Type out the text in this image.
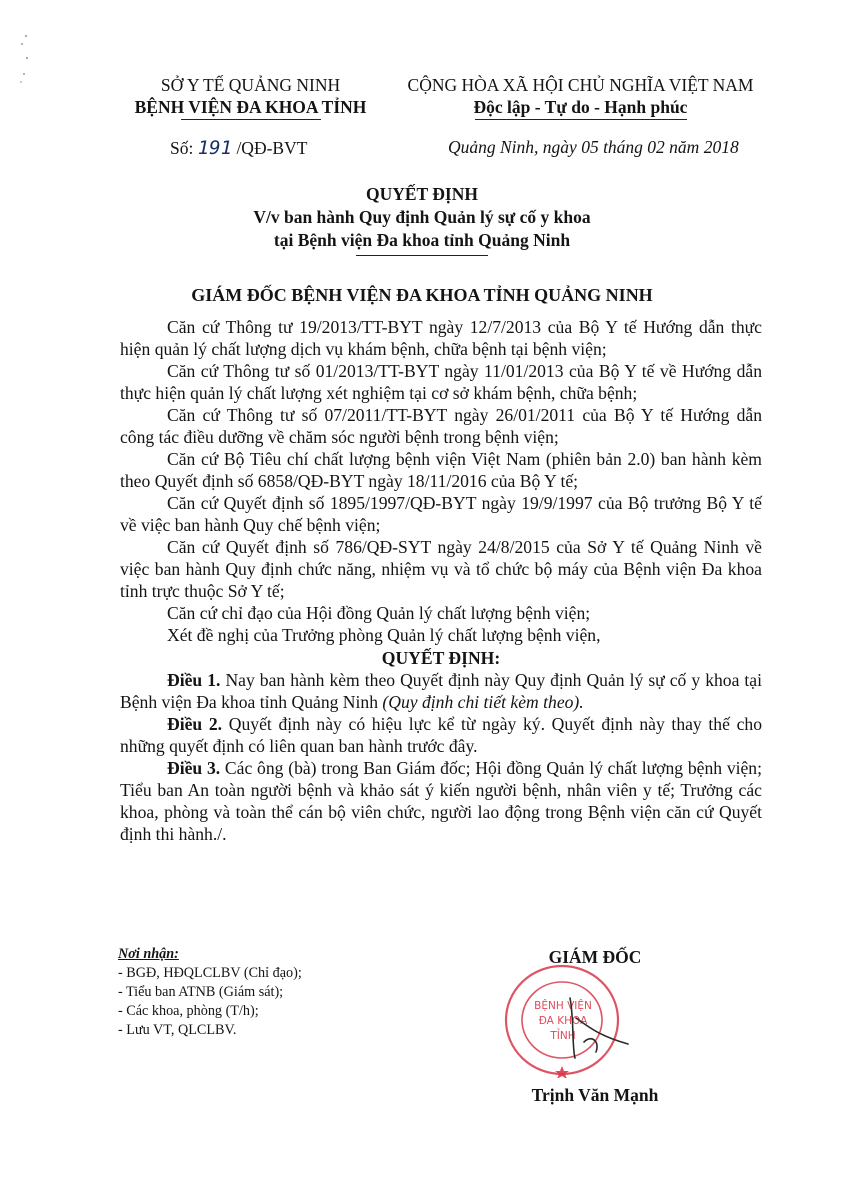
SỞ Y TẾ QUẢNG NINH
BỆNH VIỆN ĐA KHOA TỈNH
CỘNG HÒA XÃ HỘI CHỦ NGHĨA VIỆT NAM
Độc lập - Tự do - Hạnh phúc
Số: 191 /QĐ-BVT	Quảng Ninh, ngày 05 tháng 02 năm 2018
QUYẾT ĐỊNH
V/v ban hành Quy định Quản lý sự cố y khoa
tại Bệnh viện Đa khoa tỉnh Quảng Ninh
GIÁM ĐỐC BỆNH VIỆN ĐA KHOA TỈNH QUẢNG NINH

Căn cứ Thông tư 19/2013/TT-BYT ngày 12/7/2013 của Bộ Y tế Hướng dẫn thực hiện quản lý chất lượng dịch vụ khám bệnh, chữa bệnh tại bệnh viện;

Căn cứ Thông tư số 01/2013/TT-BYT ngày 11/01/2013 của Bộ Y tế về Hướng dẫn thực hiện quản lý chất lượng xét nghiệm tại cơ sở khám bệnh, chữa bệnh;

Căn cứ Thông tư số 07/2011/TT-BYT ngày 26/01/2011 của Bộ Y tế Hướng dẫn công tác điều dưỡng về chăm sóc người bệnh trong bệnh viện;

Căn cứ Bộ Tiêu chí chất lượng bệnh viện Việt Nam (phiên bản 2.0) ban hành kèm theo Quyết định số 6858/QĐ-BYT ngày 18/11/2016 của Bộ Y tế;

Căn cứ Quyết định số 1895/1997/QĐ-BYT ngày 19/9/1997 của Bộ trưởng Bộ Y tế về việc ban hành Quy chế bệnh viện;

Căn cứ Quyết định số 786/QĐ-SYT ngày 24/8/2015 của Sở Y tế Quảng Ninh về việc ban hành Quy định chức năng, nhiệm vụ và tổ chức bộ máy của Bệnh viện Đa khoa tỉnh trực thuộc Sở Y tế;

Căn cứ chỉ đạo của Hội đồng Quản lý chất lượng bệnh viện;

Xét đề nghị của Trưởng phòng Quản lý chất lượng bệnh viện,

QUYẾT ĐỊNH:

Điều 1. Nay ban hành kèm theo Quyết định này Quy định Quản lý sự cố y khoa tại Bệnh viện Đa khoa tỉnh Quảng Ninh (Quy định chi tiết kèm theo).

Điều 2. Quyết định này có hiệu lực kể từ ngày ký. Quyết định này thay thế cho những quyết định có liên quan ban hành trước đây.

Điều 3. Các ông (bà) trong Ban Giám đốc; Hội đồng Quản lý chất lượng bệnh viện; Tiểu ban An toàn người bệnh và khảo sát ý kiến người bệnh, nhân viên y tế; Trưởng các khoa, phòng và toàn thể cán bộ viên chức, người lao động trong Bệnh viện căn cứ Quyết định thi hành./.

Nơi nhận:
- BGĐ, HĐQLCLBV (Chỉ đạo);
- Tiểu ban ATNB (Giám sát);
- Các khoa, phòng (T/h);
- Lưu VT, QLCLBV.
BỆNH VIỆN
ĐA KHOA
TỈNH
GIÁM ĐỐC
Trịnh Văn Mạnh
